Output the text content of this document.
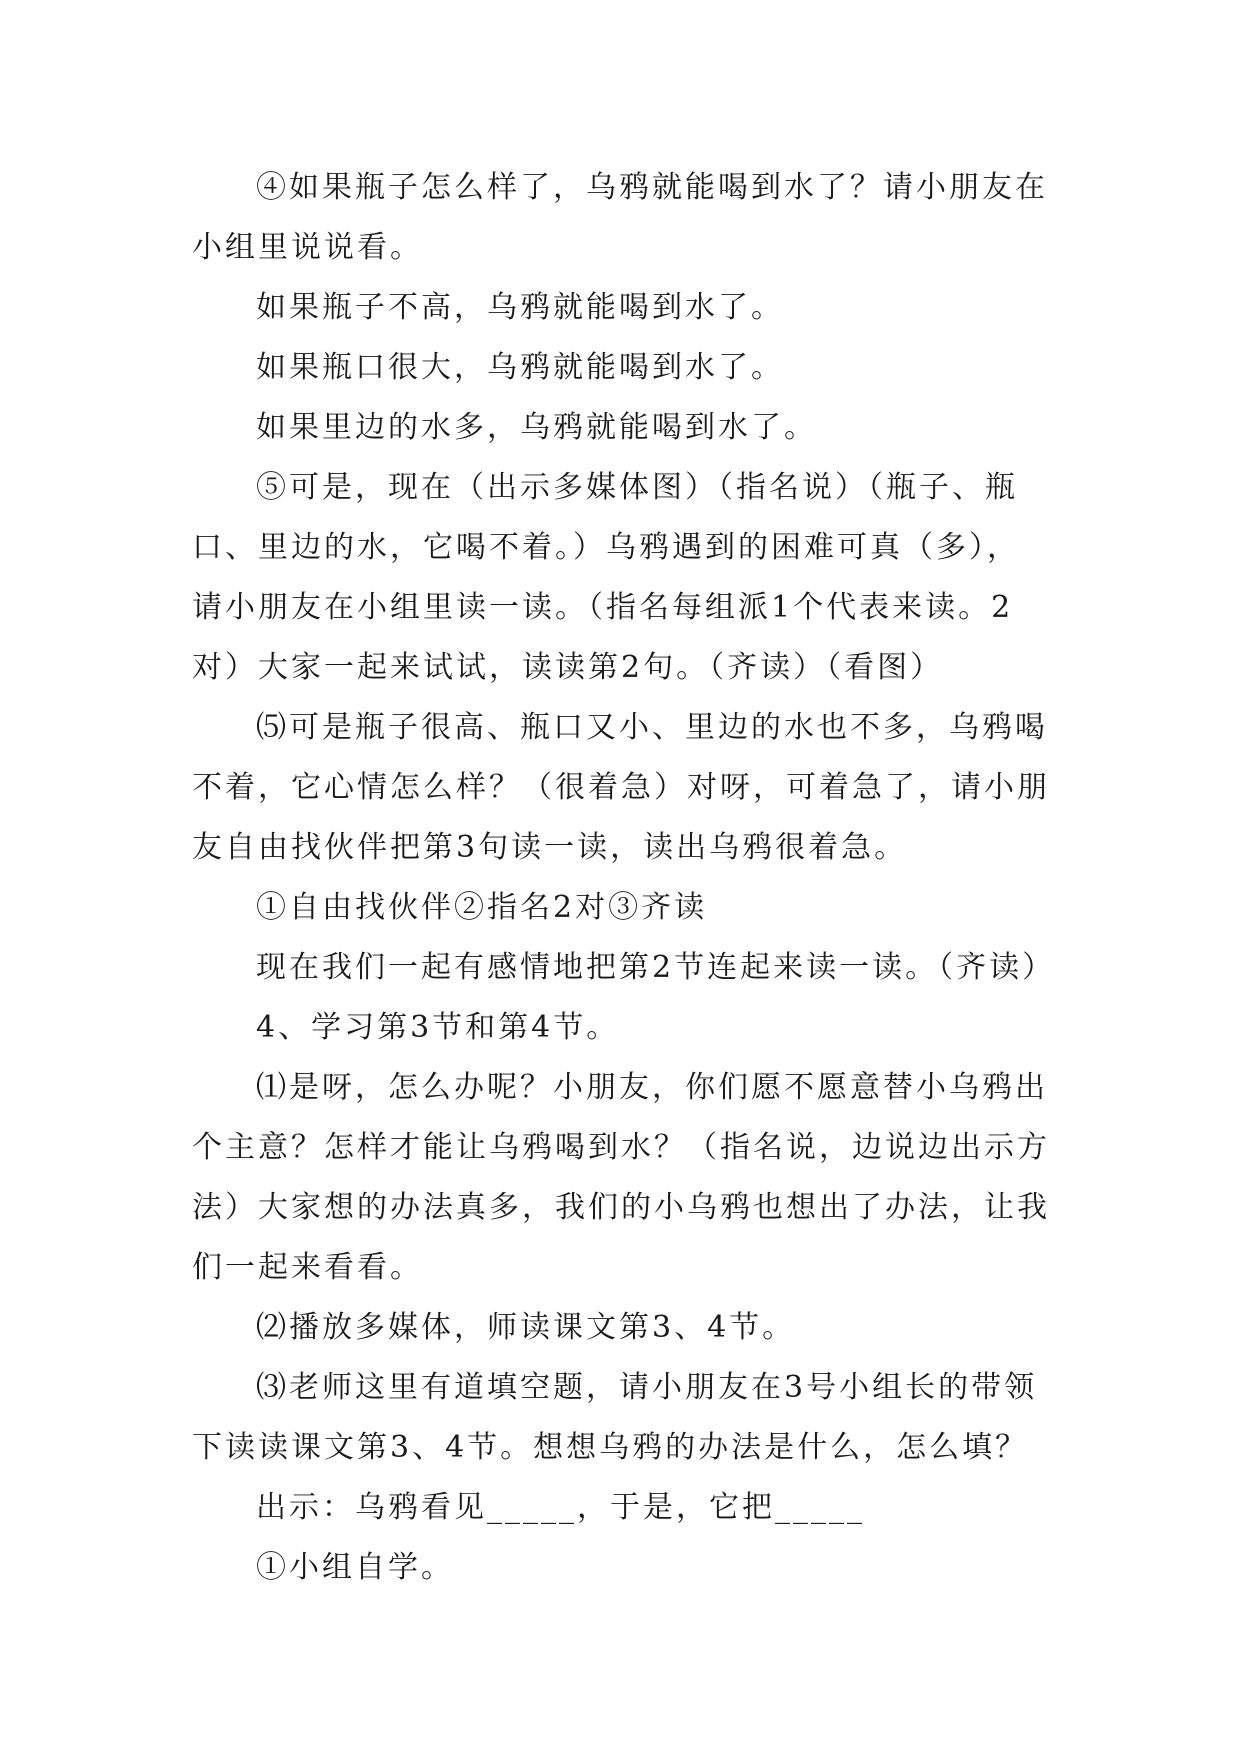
④如果瓶子怎么样了，乌鸦就能喝到水了？请小朋友在小组里说说看。

如果瓶子不高，乌鸦就能喝到水了。

如果瓶口很大，乌鸦就能喝到水了。

如果里边的水多，乌鸦就能喝到水了。

⑤可是，现在（出示多媒体图）（指名说）（瓶子、瓶口、里边的水，它喝不着。）乌鸦遇到的困难可真（多），请小朋友在小组里读一读。（指名每组派1个代表来读。2对）大家一起来试试，读读第2句。（齐读）（看图）

⑸可是瓶子很高、瓶口又小、里边的水也不多，乌鸦喝不着，它心情怎么样？（很着急）对呀，可着急了，请小朋友自由找伙伴把第3句读一读，读出乌鸦很着急。

①自由找伙伴②指名2对③齐读

现在我们一起有感情地把第2节连起来读一读。（齐读）

4、学习第3节和第4节。

⑴是呀，怎么办呢？小朋友，你们愿不愿意替小乌鸦出个主意？怎样才能让乌鸦喝到水？（指名说，边说边出示方法）大家想的办法真多，我们的小乌鸦也想出了办法，让我们一起来看看。

⑵播放多媒体，师读课文第3、4节。

⑶老师这里有道填空题，请小朋友在3号小组长的带领下读读课文第3、4节。想想乌鸦的办法是什么，怎么填？

出示：乌鸦看见_____，于是，它把_____

①小组自学。
